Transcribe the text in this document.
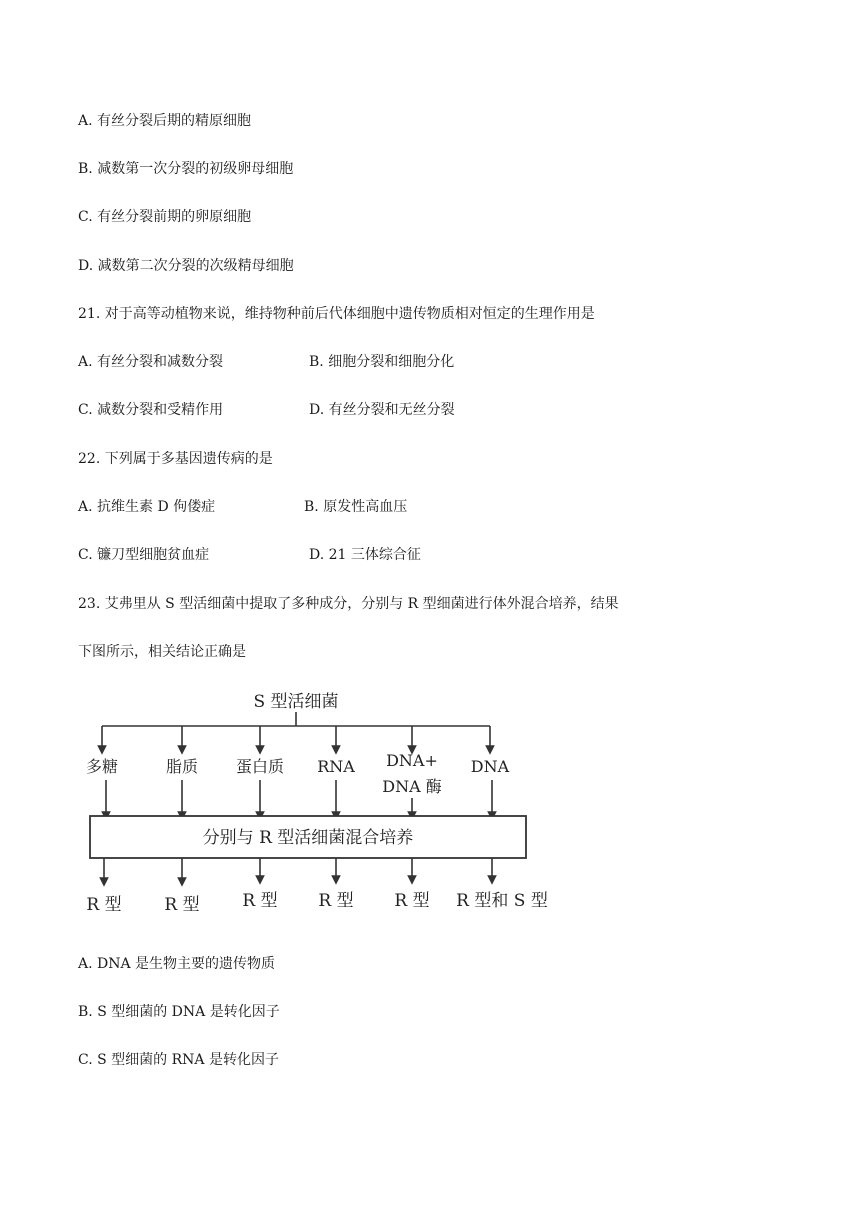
A. 有丝分裂后期的精原细胞
B. 减数第一次分裂的初级卵母细胞
C. 有丝分裂前期的卵原细胞
D. 减数第二次分裂的次级精母细胞
21. 对于高等动植物来说，维持物种前后代体细胞中遗传物质相对恒定的生理作用是
A. 有丝分裂和减数分裂	B. 细胞分裂和细胞分化
C. 减数分裂和受精作用	D. 有丝分裂和无丝分裂
22. 下列属于多基因遗传病的是
A. 抗维生素 D 佝偻症	B. 原发性高血压
C. 镰刀型细胞贫血症	D. 21 三体综合征
23. 艾弗里从 S 型活细菌中提取了多种成分，分别与 R 型细菌进行体外混合培养，结果
下图所示，相关结论正确是
S 型活细菌
多糖	脂质 蛋白质 RNA DNA+ DNA
DNA 酶
分别与 R 型活细菌混合培养
R 型	R 型	R 型 R 型 R 型 R 型和 S 型
A. DNA 是生物主要的遗传物质
B. S 型细菌的 DNA 是转化因子
C. S 型细菌的 RNA 是转化因子
